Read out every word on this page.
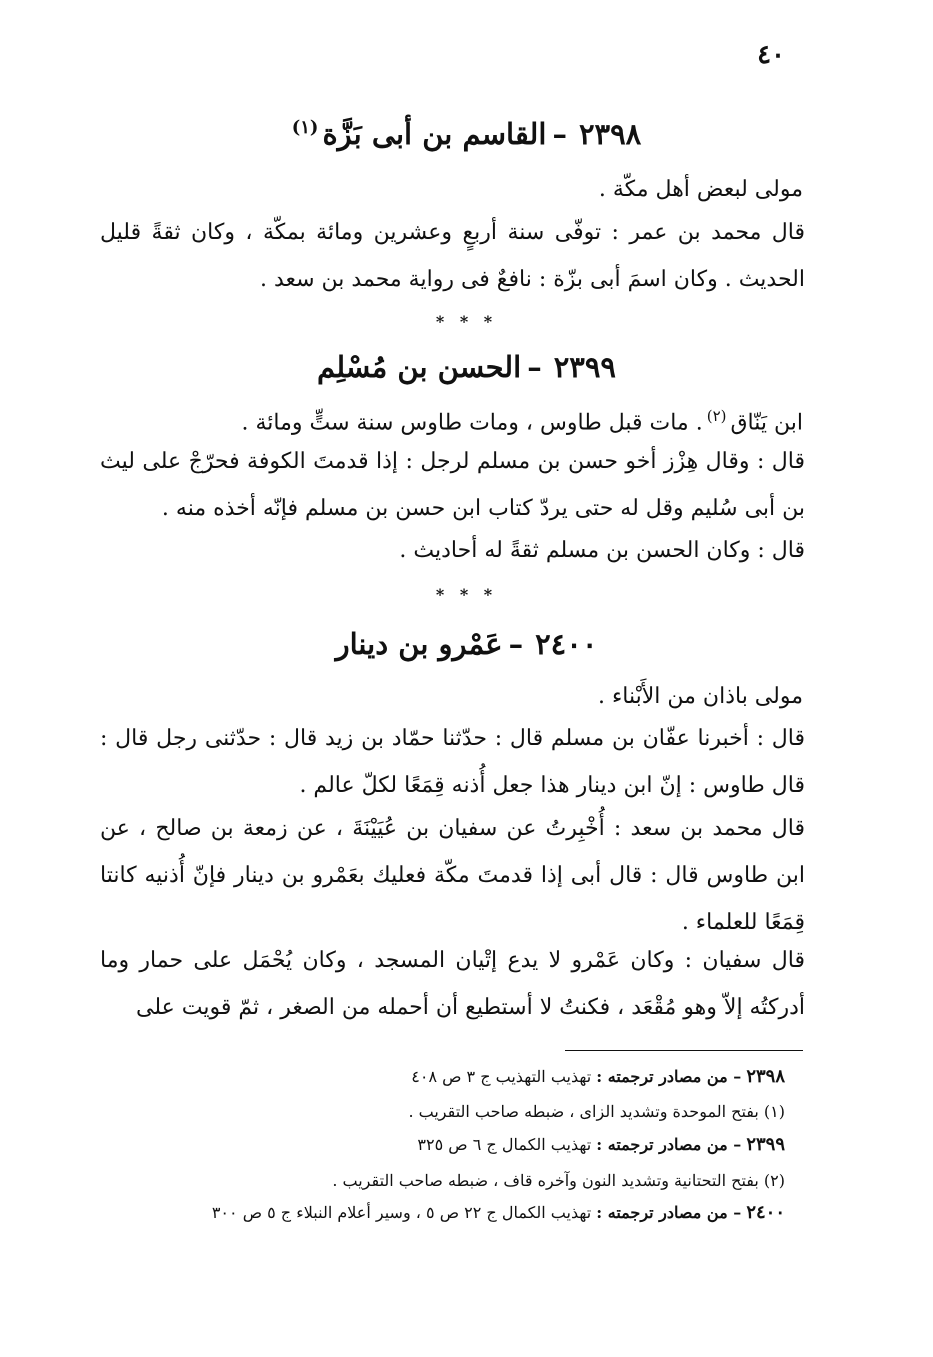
٤٠
٢٣٩٨–القاسم بن أبى بَزَّة$^{(١)}$
مولى لبعض أهل مكّة .
قال محمد بن عمر : توفّى سنة أربعٍ وعشرين ومائة بمكّة ، وكان ثقةً قليل الحديث . وكان اسمَ أبى بزّة : نافعٌ فى رواية محمد بن سعد .
* * *
٢٣٩٩–الحسن بن مُسْلِم
ابن يَنّاق$^{(٢)}$. مات قبل طاوس ، ومات طاوس سنة ستٍّ ومائة .
قال : وقال هِزْز أخو حسن بن مسلم لرجل : إذا قدمتَ الكوفة فحرّجْ على ليث بن أبى سُليم وقل له حتى يردّ كتاب ابن حسن بن مسلم فإنّه أخذه منه .
قال : وكان الحسن بن مسلم ثقةً له أحاديث .
* * *
٢٤٠٠–عَمْرو بن دينار
مولى باذان من الأَبْناء .
قال : أخبرنا عفّان بن مسلم قال : حدّثنا حمّاد بن زيد قال : حدّثنى رجل قال : قال طاوس : إنّ ابن دينار هذا جعل أُذنه قِمَعًا لكلّ عالم .
قال محمد بن سعد : أُخْبِرتُ عن سفيان بن عُيَيْنَةَ ، عن زمعة بن صالح ، عن ابن طاوس قال : قال أبى إذا قدمتَ مكّة فعليك بعَمْرو بن دينار فإنّ أُذنيه كانتا قِمَعًا للعلماء .
قال سفيان : وكان عَمْرو لا يدع إتْيان المسجد ، وكان يُحْمَل على حمار وما أدركتُه إلاّ وهو مُقْعَد ، فكنتُ لا أستطيع أن أحمله من الصغر ، ثمّ قويت على
٢٣٩٨ – من مصادر ترجمته : تهذيب التهذيب ج ٣ ص ٤٠٨
(١) بفتح الموحدة وتشديد الزاى ، ضبطه صاحب التقريب .
٢٣٩٩ – من مصادر ترجمته : تهذيب الكمال ج ٦ ص ٣٢٥
(٢) بفتح التحتانية وتشديد النون وآخره قاف ، ضبطه صاحب التقريب .
٢٤٠٠ – من مصادر ترجمته : تهذيب الكمال ج ٢٢ ص ٥ ، وسير أعلام النبلاء ج ٥ ص ٣٠٠
